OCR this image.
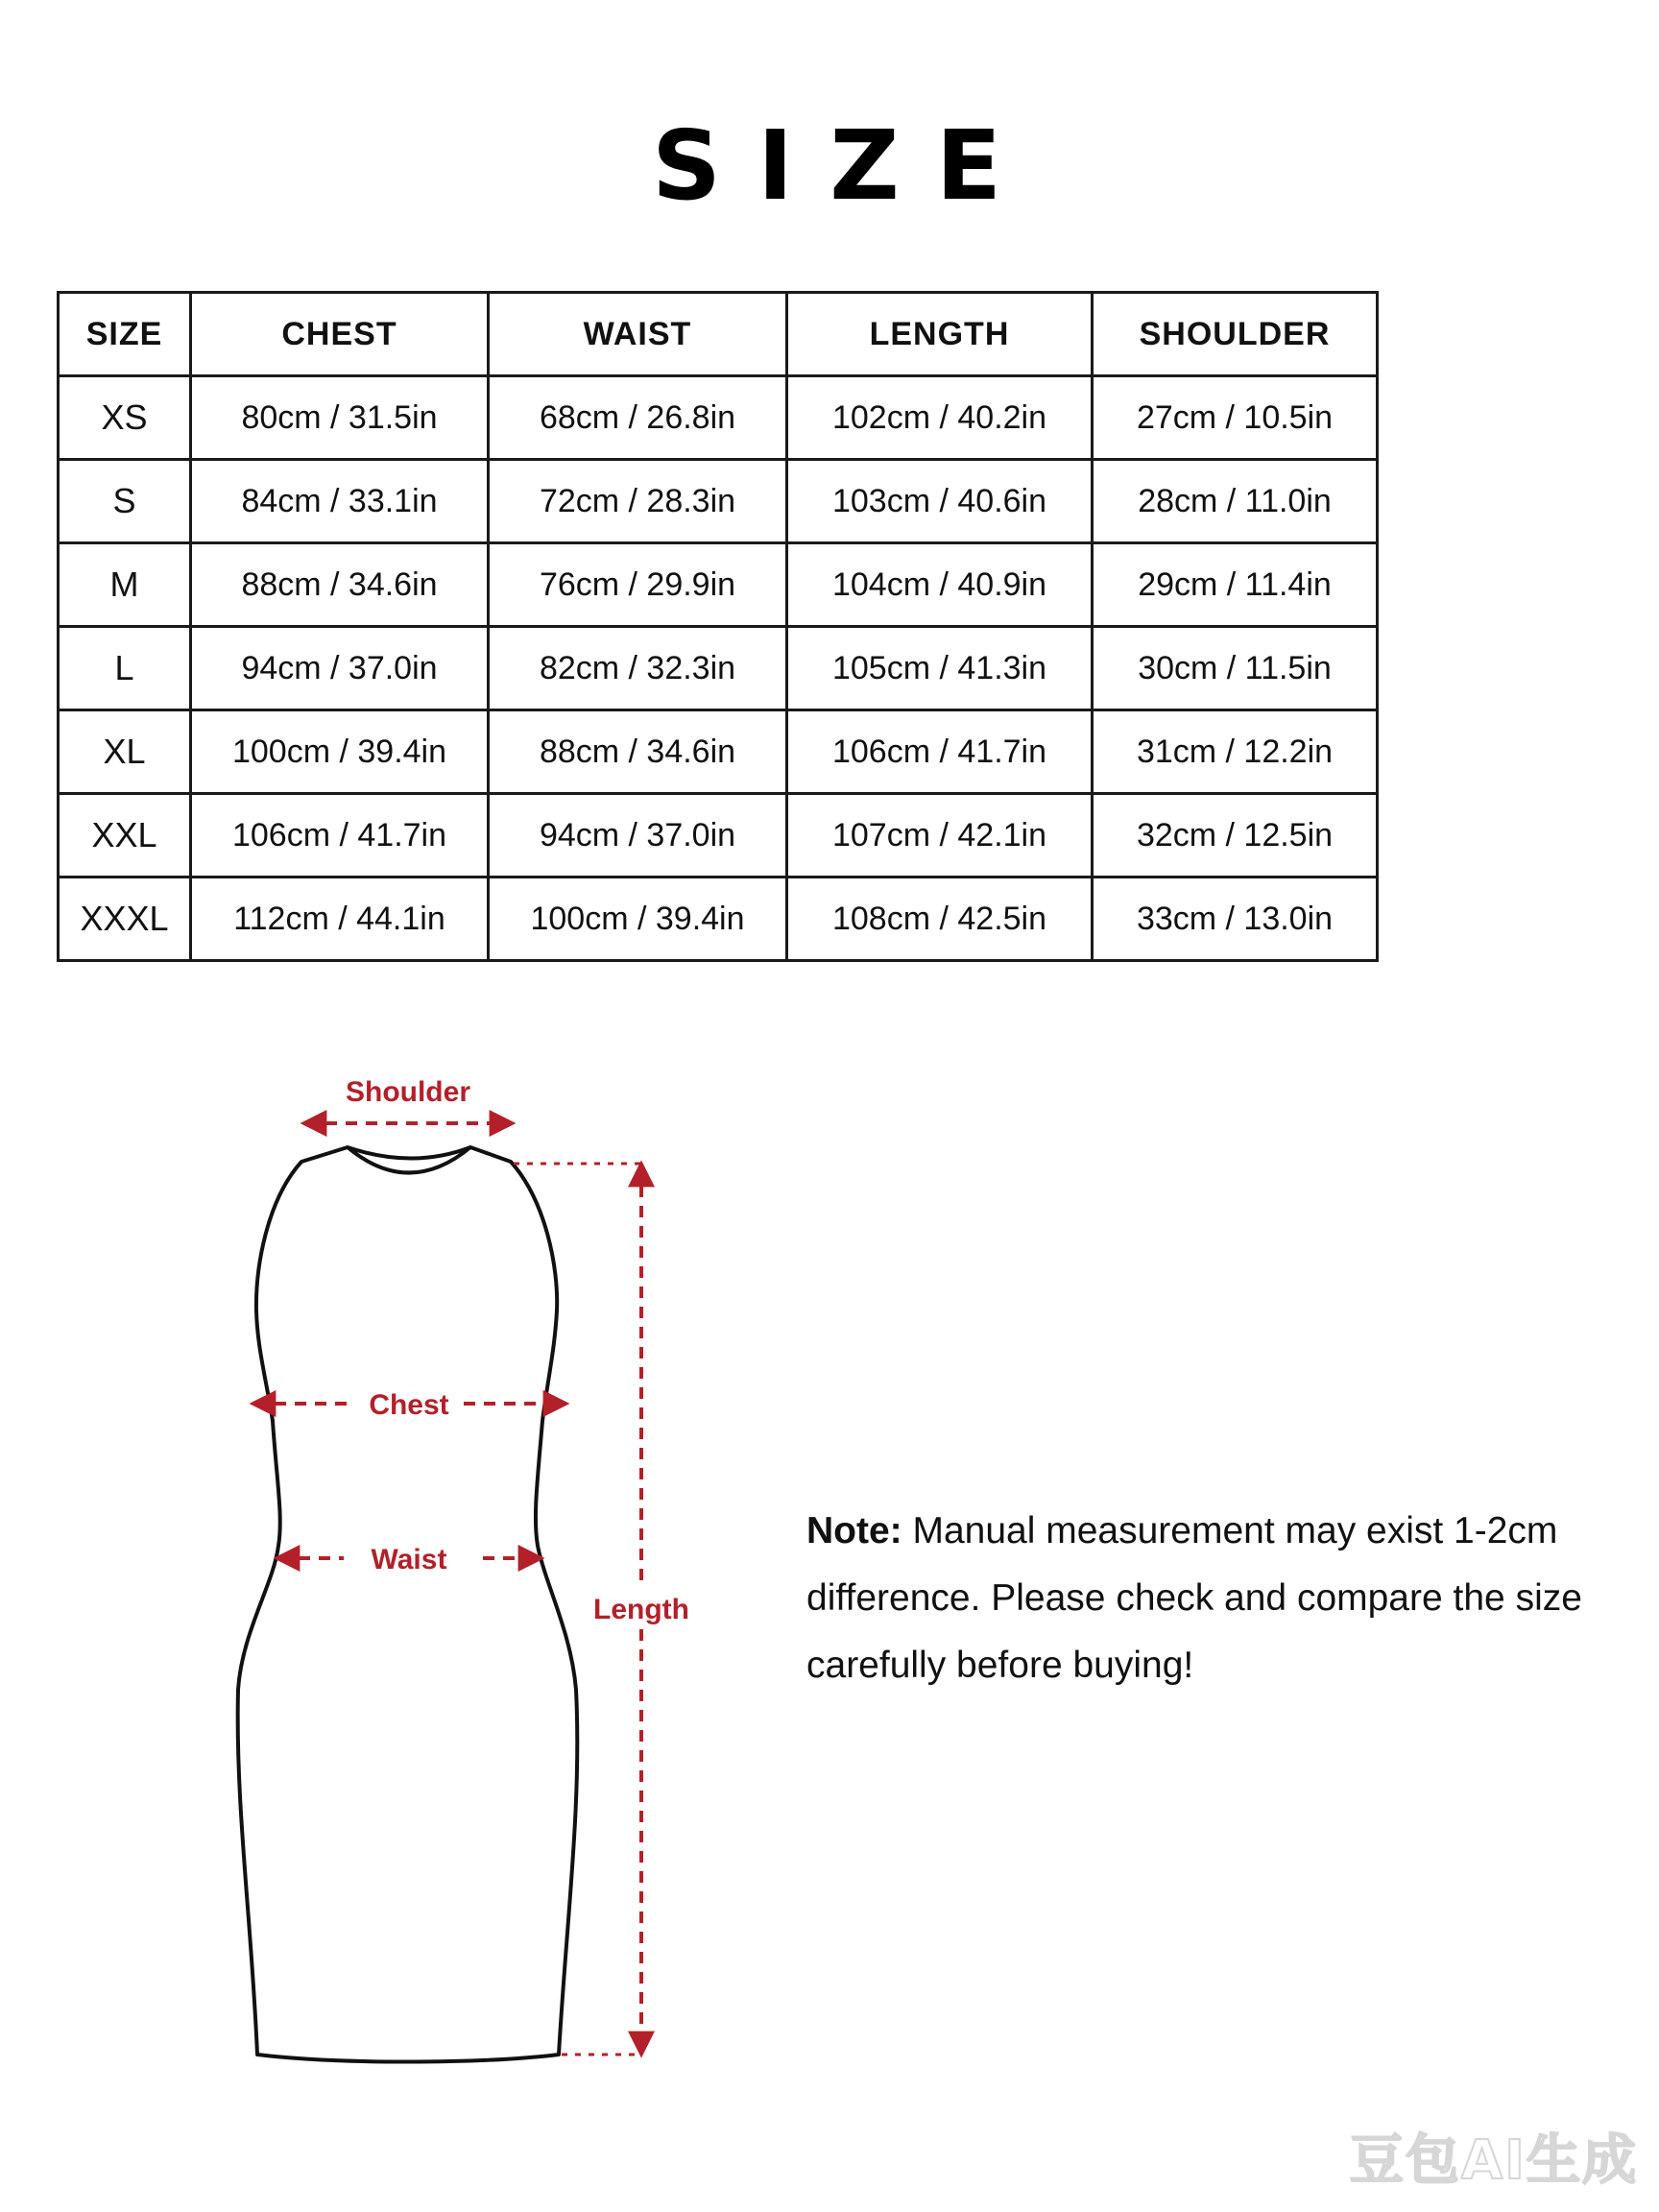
SIZE
SIZE	CHEST	WAIST	LENGTH	SHOULDER
XS	80cm / 31.5in	68cm / 26.8in	102cm / 40.2in	27cm / 10.5in
S	84cm / 33.1in	72cm / 28.3in	103cm / 40.6in	28cm / 11.0in
M	88cm / 34.6in	76cm / 29.9in	104cm / 40.9in	29cm / 11.4in
L	94cm / 37.0in	82cm / 32.3in	105cm / 41.3in	30cm / 11.5in
XL	100cm / 39.4in	88cm / 34.6in	106cm / 41.7in	31cm / 12.2in
XXL	106cm / 41.7in	94cm / 37.0in	107cm / 42.1in	32cm / 12.5in
XXXL	112cm / 44.1in	100cm / 39.4in	108cm / 42.5in	33cm / 13.0in
Shoulder
Chest
Waist
Length
Note: Manual measurement may exist 1-2cm difference. Please check and compare the size carefully before buying!
豆包AI生成
